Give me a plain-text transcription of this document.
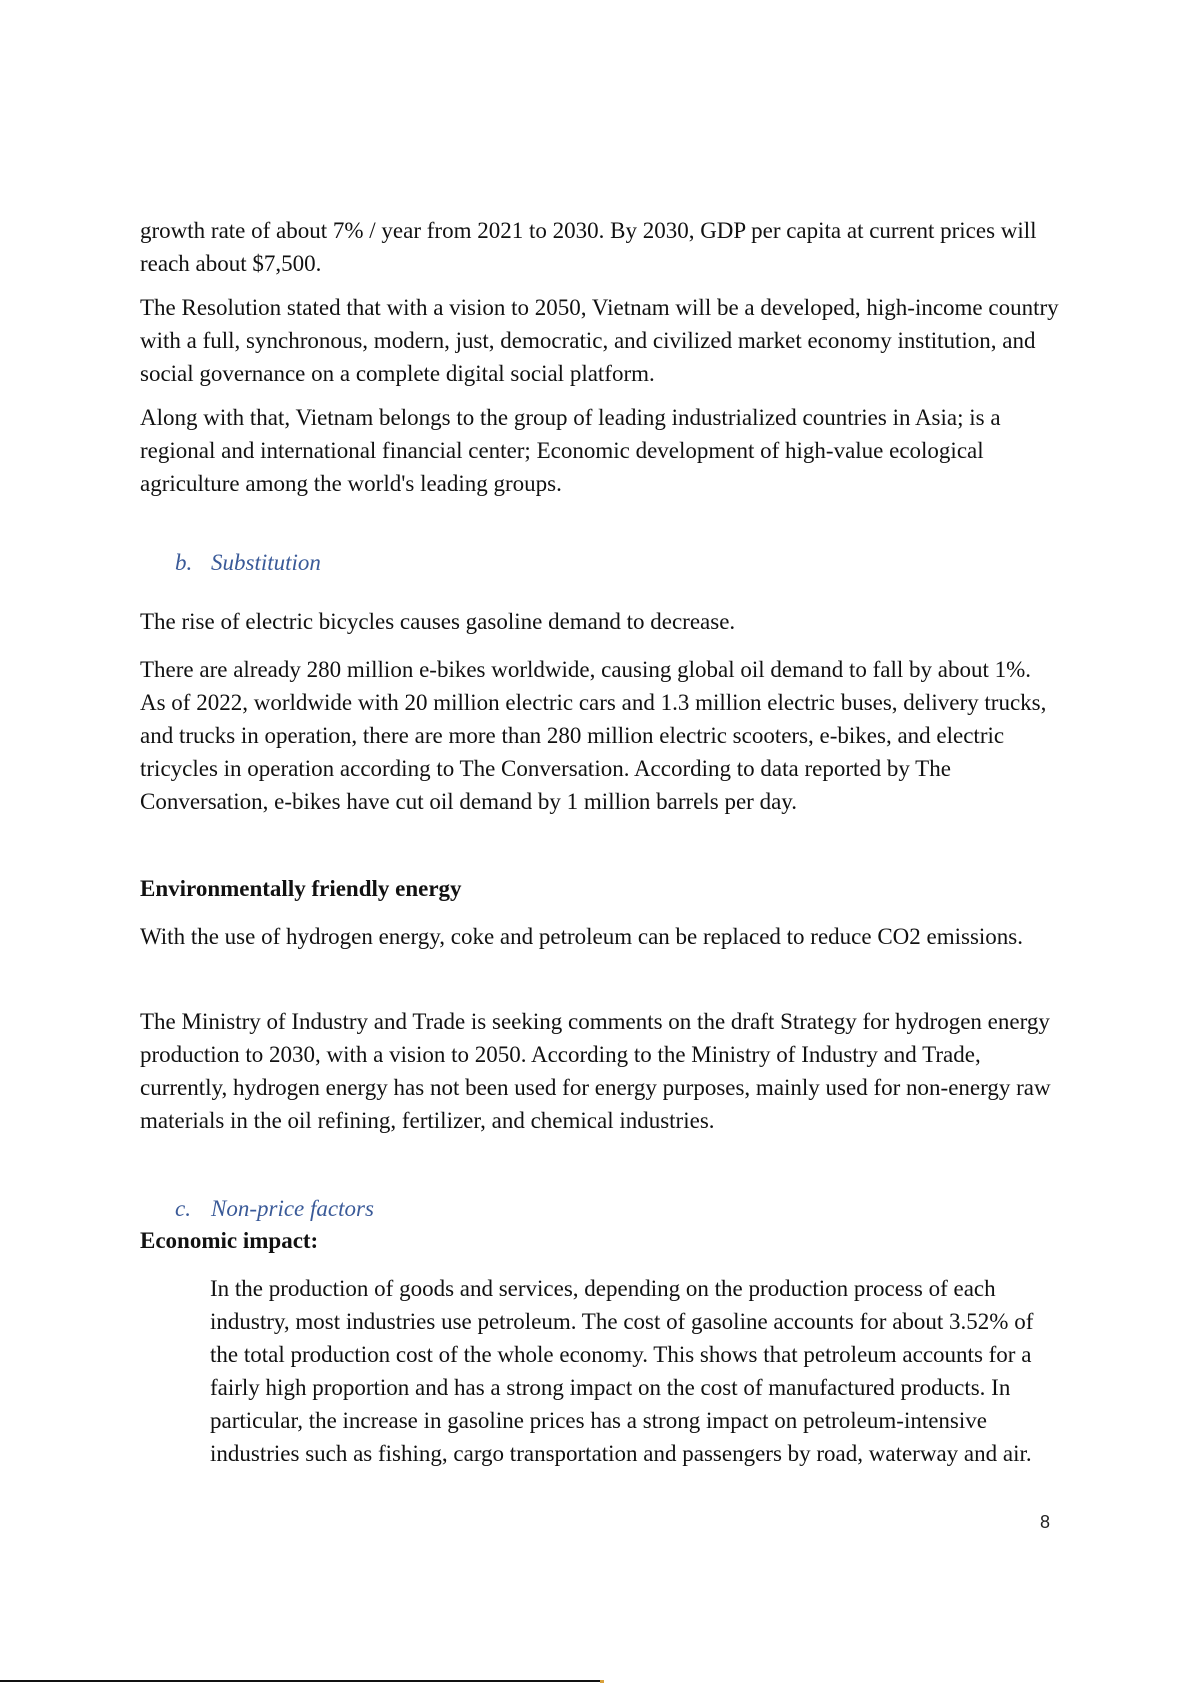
growth rate of about 7% / year from 2021 to 2030. By 2030, GDP per capita at current prices will reach about $7,500.

The Resolution stated that with a vision to 2050, Vietnam will be a developed, high-income country with a full, synchronous, modern, just, democratic, and civilized market economy institution, and social governance on a complete digital social platform.

Along with that, Vietnam belongs to the group of leading industrialized countries in Asia; is a regional and international financial center; Economic development of high-value ecological agriculture among the world's leading groups.

b. Substitution

The rise of electric bicycles causes gasoline demand to decrease.

There are already 280 million e-bikes worldwide, causing global oil demand to fall by about 1%. As of 2022, worldwide with 20 million electric cars and 1.3 million electric buses, delivery trucks, and trucks in operation, there are more than 280 million electric scooters, e-bikes, and electric tricycles in operation according to The Conversation. According to data reported by The Conversation, e-bikes have cut oil demand by 1 million barrels per day.

Environmentally friendly energy

With the use of hydrogen energy, coke and petroleum can be replaced to reduce CO2 emissions.

The Ministry of Industry and Trade is seeking comments on the draft Strategy for hydrogen energy production to 2030, with a vision to 2050. According to the Ministry of Industry and Trade, currently, hydrogen energy has not been used for energy purposes, mainly used for non-energy raw materials in the oil refining, fertilizer, and chemical industries.

c. Non-price factors
Economic impact:

In the production of goods and services, depending on the production process of each industry, most industries use petroleum. The cost of gasoline accounts for about 3.52% of the total production cost of the whole economy. This shows that petroleum accounts for a fairly high proportion and has a strong impact on the cost of manufactured products. In particular, the increase in gasoline prices has a strong impact on petroleum-intensive industries such as fishing, cargo transportation and passengers by road, waterway and air.

8
